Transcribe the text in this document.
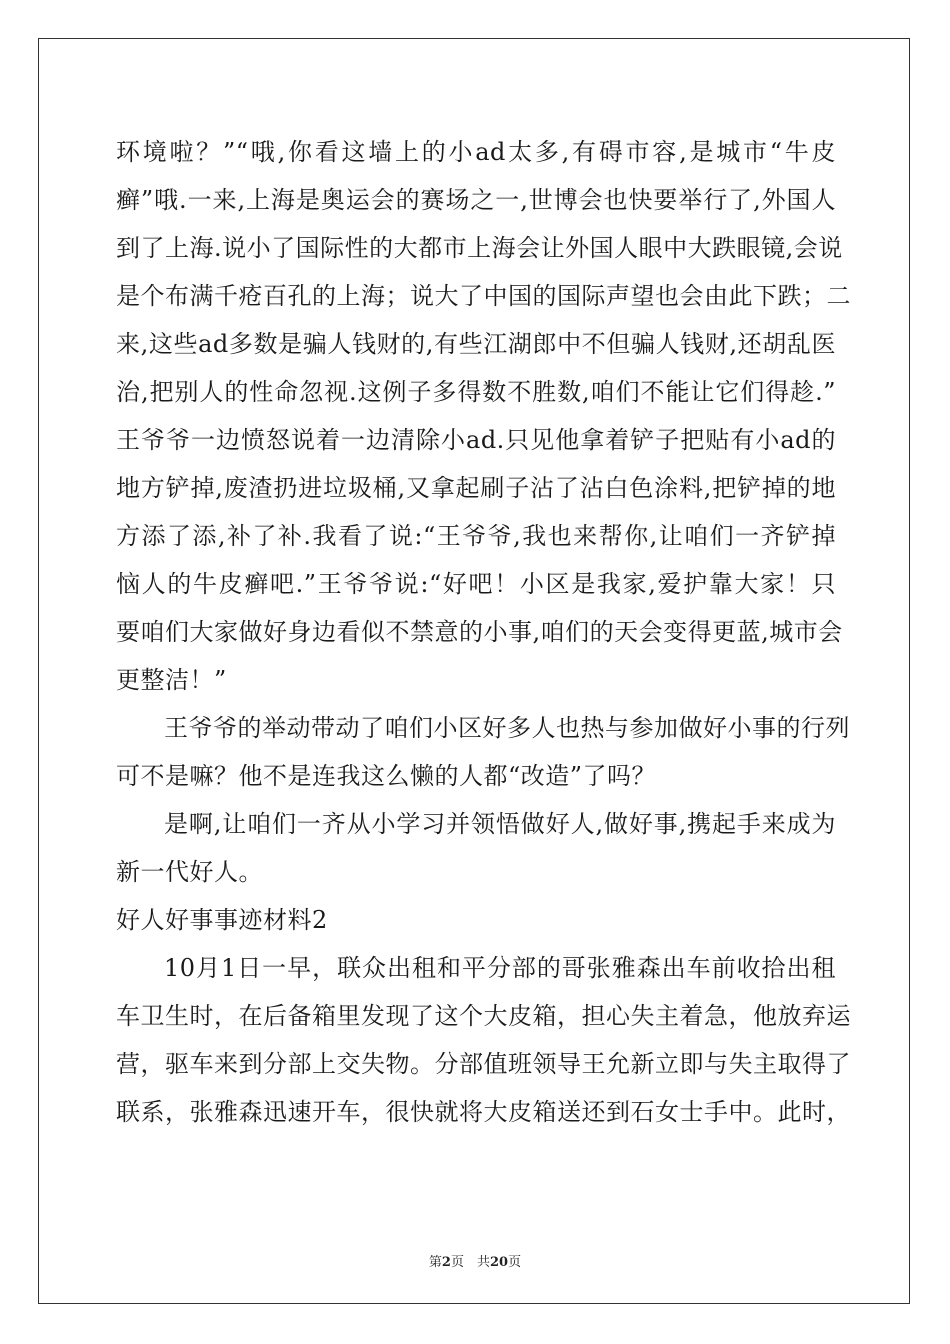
环境啦？”“哦,你看这墙上的小ad太多,有碍市容,是城市“牛皮
癣”哦.一来,上海是奥运会的赛场之一,世博会也快要举行了,外国人
到了上海.说小了国际性的大都市上海会让外国人眼中大跌眼镜,会说
是个布满千疮百孔的上海；说大了中国的国际声望也会由此下跌；二
来,这些ad多数是骗人钱财的,有些江湖郎中不但骗人钱财,还胡乱医
治,把别人的性命忽视.这例子多得数不胜数,咱们不能让它们得趁.”
王爷爷一边愤怒说着一边清除小ad.只见他拿着铲子把贴有小ad的
地方铲掉,废渣扔进垃圾桶,又拿起刷子沾了沾白色涂料,把铲掉的地
方添了添,补了补.我看了说:“王爷爷,我也来帮你,让咱们一齐铲掉
恼人的牛皮癣吧.”王爷爷说:“好吧！小区是我家,爱护靠大家！只
要咱们大家做好身边看似不禁意的小事,咱们的天会变得更蓝,城市会
更整洁！”
王爷爷的举动带动了咱们小区好多人也热与参加做好小事的行列
可不是嘛？他不是连我这么懒的人都“改造”了吗？
是啊,让咱们一齐从小学习并领悟做好人,做好事,携起手来成为
新一代好人。
好人好事事迹材料2
10月1日一早，联众出租和平分部的哥张雅森出车前收拾出租
车卫生时，在后备箱里发现了这个大皮箱，担心失主着急，他放弃运
营，驱车来到分部上交失物。分部值班领导王允新立即与失主取得了
联系，张雅森迅速开车，很快就将大皮箱送还到石女士手中。此时，
第2页　共20页
